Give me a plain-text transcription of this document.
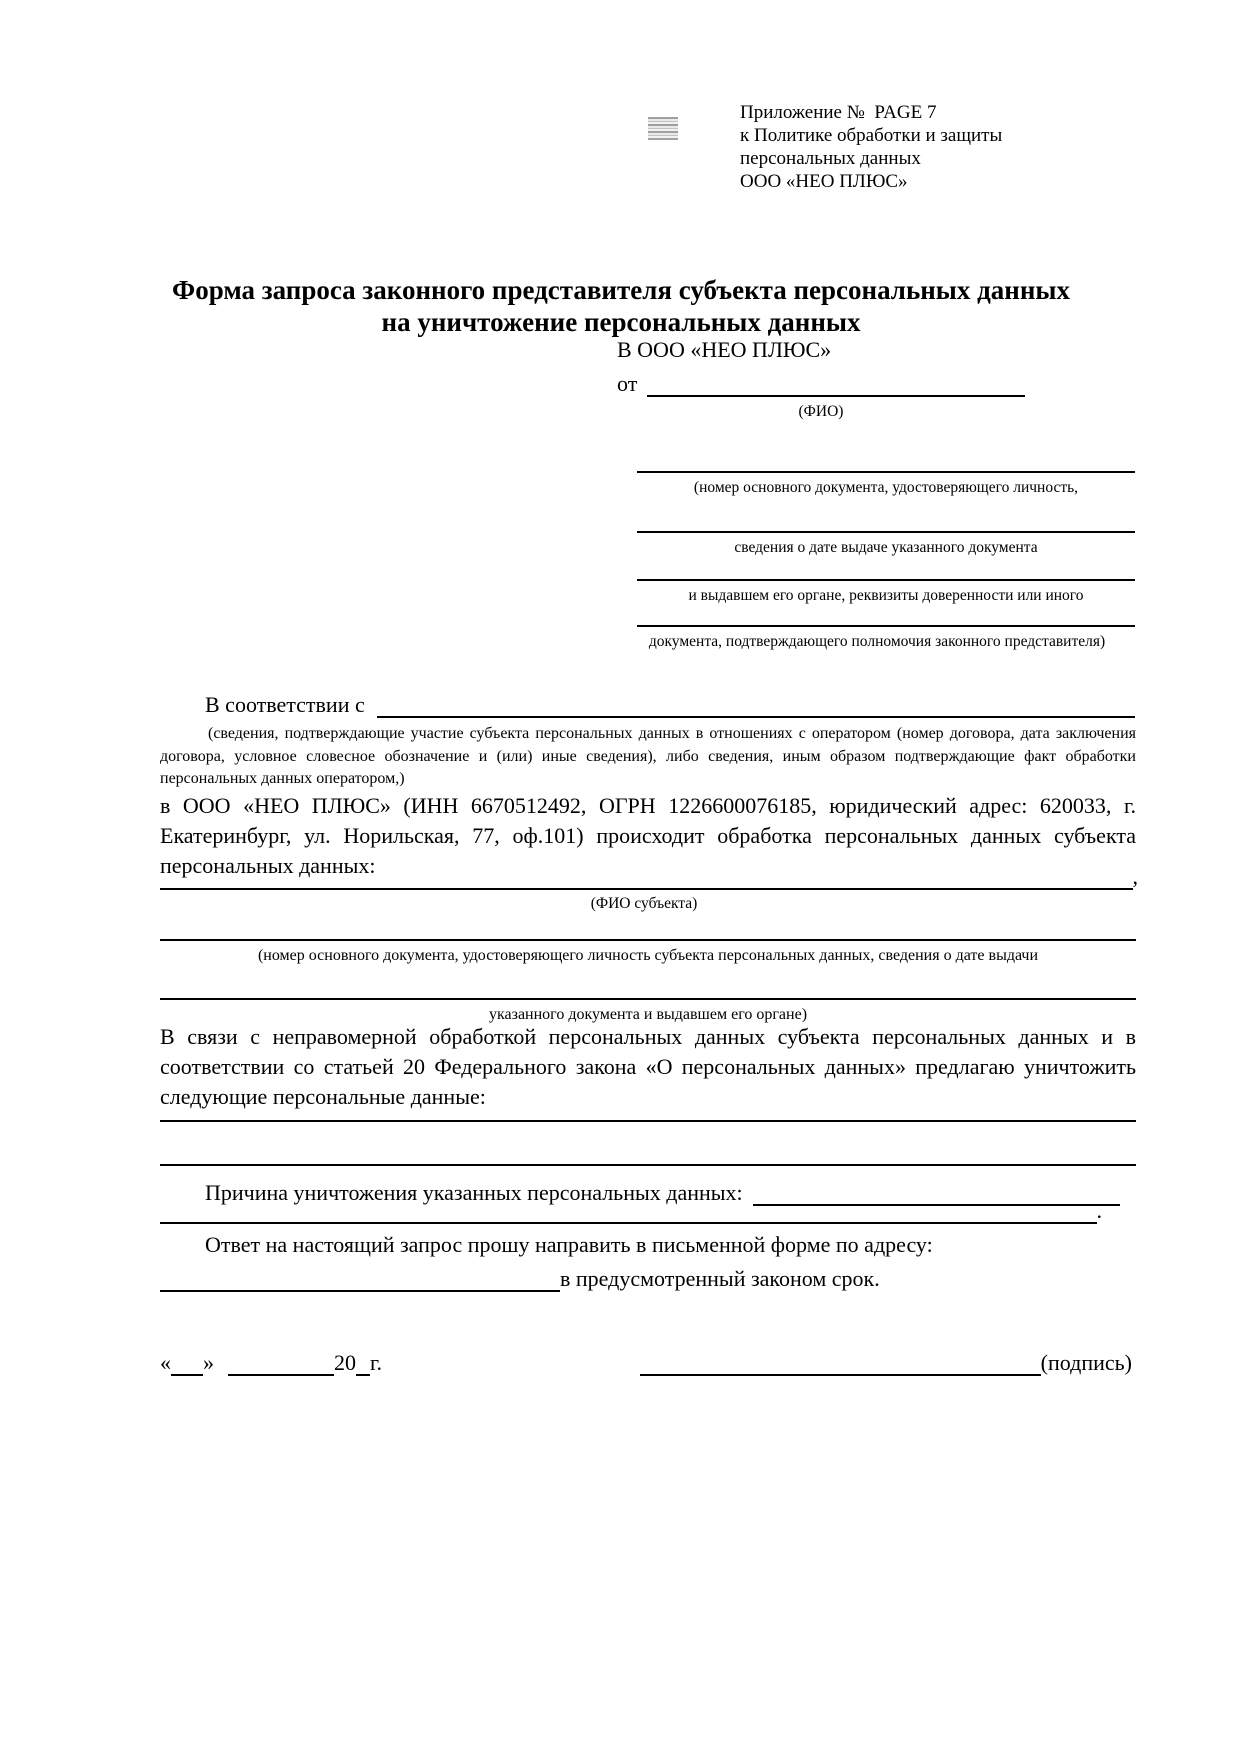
Приложение №  PAGE 7
к Политике обработки и защиты
персональных данных
ООО «НЕО ПЛЮС»
Форма запроса законного представителя субъекта персональных данных
на уничтожение персональных данных
В ООО «НЕО ПЛЮС»
от
(ФИО)
(номер основного документа, удостоверяющего личность,
сведения о дате выдаче указанного документа
и выдавшем его органе, реквизиты доверенности или иного
документа, подтверждающего полномочия законного представителя)
В соответствии с
(сведения, подтверждающие участие субъекта персональных данных в отношениях с оператором (номер договора, дата заключения договора, условное словесное обозначение и (или) иные сведения), либо сведения, иным образом подтверждающие факт обработки персональных данных оператором,)
в ООО «НЕО ПЛЮС» (ИНН 6670512492, ОГРН 1226600076185, юридический адрес: 620033, г. Екатеринбург, ул. Норильская, 77, оф.101) происходит обработка персональных данных субъекта персональных данных:	,
(ФИО субъекта)
(номер основного документа, удостоверяющего личность субъекта персональных данных, сведения о дате выдачи
указанного документа и выдавшем его органе)
В связи с неправомерной обработкой персональных данных субъекта персональных данных и в соответствии со статьей 20 Федерального закона «О персональных данных» предлагаю уничтожить следующие персональные данные:
Причина уничтожения указанных персональных данных:
.
Ответ на настоящий запрос прошу направить в письменной форме по адресу:
в предусмотренный законом срок.
« »	20 г.	(подпись)
